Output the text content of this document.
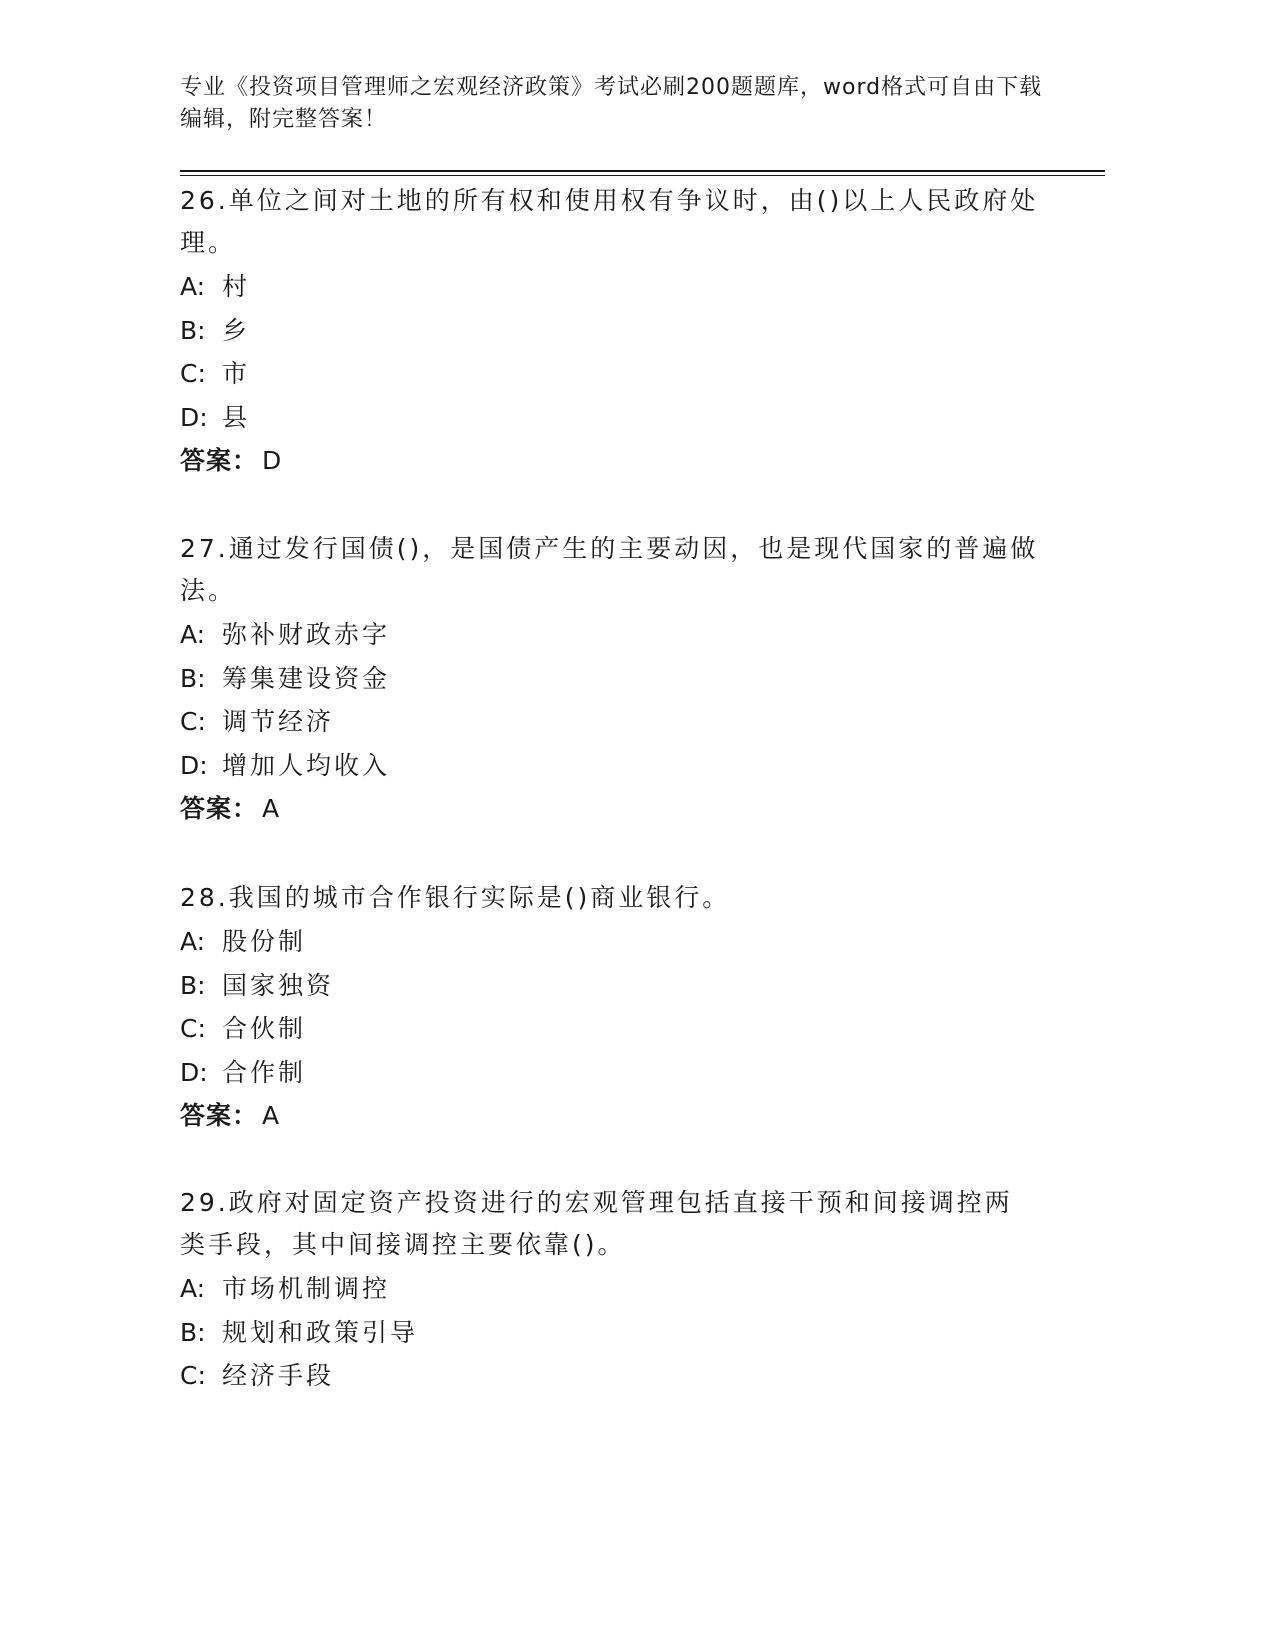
专业《投资项目管理师之宏观经济政策》考试必刷200题题库，word格式可自由下载编辑，附完整答案！
26.单位之间对土地的所有权和使用权有争议时，由()以上人民政府处理。
A: 村
B: 乡
C: 市
D: 县
答案： D
27.通过发行国债()，是国债产生的主要动因，也是现代国家的普遍做法。
A: 弥补财政赤字
B: 筹集建设资金
C: 调节经济
D: 增加人均收入
答案： A
28.我国的城市合作银行实际是()商业银行。
A: 股份制
B: 国家独资
C: 合伙制
D: 合作制
答案： A
29.政府对固定资产投资进行的宏观管理包括直接干预和间接调控两类手段，其中间接调控主要依靠()。
A: 市场机制调控
B: 规划和政策引导
C: 经济手段
